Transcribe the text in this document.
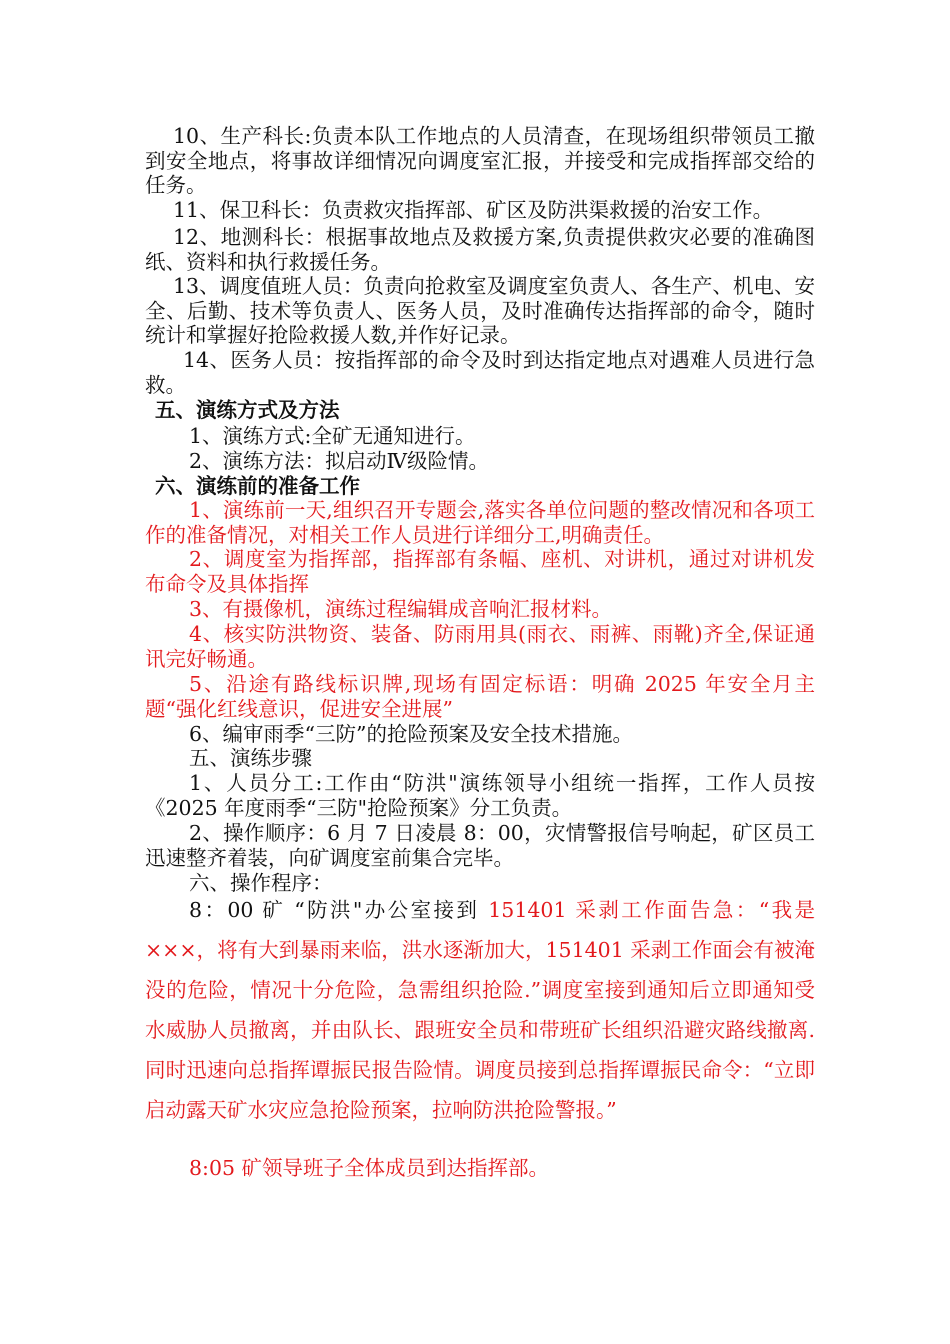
10、生产科长:负责本队工作地点的人员清查，在现场组织带领员工撤到安全地点，将事故详细情况向调度室汇报，并接受和完成指挥部交给的任务。

11、保卫科长：负责救灾指挥部、矿区及防洪渠救援的治安工作。

12、地测科长：根据事故地点及救援方案,负责提供救灾必要的准确图纸、资料和执行救援任务。

13、调度值班人员：负责向抢救室及调度室负责人、各生产、机电、安全、后勤、技术等负责人、医务人员，及时准确传达指挥部的命令，随时统计和掌握好抢险救援人数,并作好记录。

14、医务人员：按指挥部的命令及时到达指定地点对遇难人员进行急救。

五、演练方式及方法

1、演练方式:全矿无通知进行。

2、演练方法：拟启动Ⅳ级险情。

六、演练前的准备工作

1、演练前一天,组织召开专题会,落实各单位问题的整改情况和各项工作的准备情况，对相关工作人员进行详细分工,明确责任。

2、调度室为指挥部，指挥部有条幅、座机、对讲机，通过对讲机发布命令及具体指挥

3、有摄像机，演练过程编辑成音响汇报材料。

4、核实防洪物资、装备、防雨用具(雨衣、雨裤、雨靴)齐全,保证通讯完好畅通。

5、沿途有路线标识牌,现场有固定标语：明确 2025 年安全月主题“强化红线意识，促进安全进展”

6、编审雨季“三防”的抢险预案及安全技术措施。

五、演练步骤

1、人员分工:工作由“防洪"演练领导小组统一指挥，工作人员按《2025 年度雨季“三防"抢险预案》分工负责。

2、操作顺序：6 月 7 日凌晨 8：00，灾情警报信号响起，矿区员工迅速整齐着装，向矿调度室前集合完毕。

六、操作程序：

8：00 矿 “防洪"办公室接到 151401 采剥工作面告急：“我是×××，将有大到暴雨来临，洪水逐渐加大，151401 采剥工作面会有被淹没的危险，情况十分危险，急需组织抢险.”调度室接到通知后立即通知受水威胁人员撤离，并由队长、跟班安全员和带班矿长组织沿避灾路线撤离.同时迅速向总指挥谭振民报告险情。调度员接到总指挥谭振民命令：“立即启动露天矿水灾应急抢险预案，拉响防洪抢险警报。”

8:05 矿领导班子全体成员到达指挥部。
